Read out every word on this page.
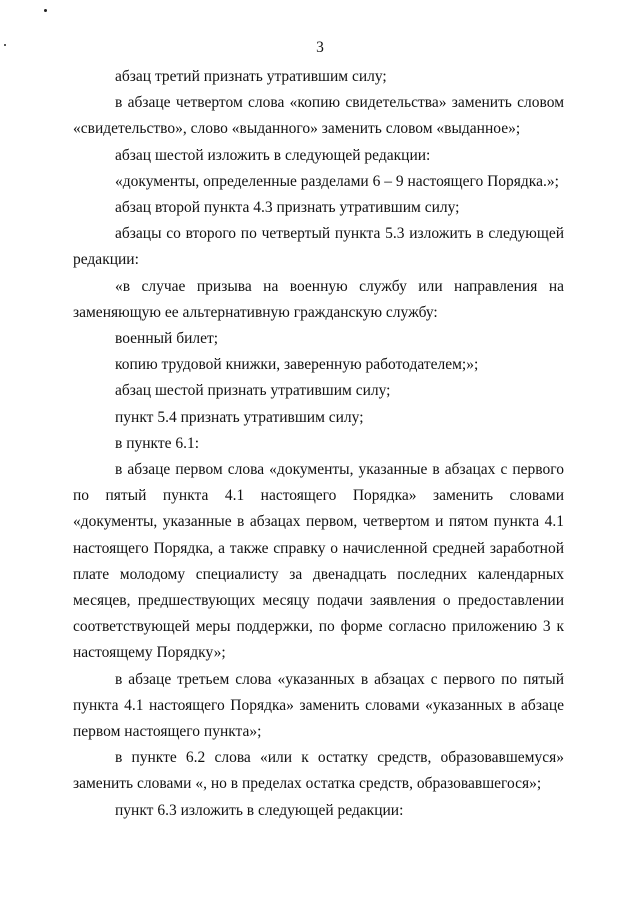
3

абзац третий признать утратившим силу;

в абзаце четвертом слова «копию свидетельства» заменить словом «свидетельство», слово «выданного» заменить словом «выданное»;

абзац шестой изложить в следующей редакции:

«документы, определенные разделами 6 – 9 настоящего Порядка.»;

абзац второй пункта 4.3 признать утратившим силу;

абзацы со второго по четвертый пункта 5.3 изложить в следующей редакции:

«в случае призыва на военную службу или направления на заменяющую ее альтернативную гражданскую службу:

военный билет;

копию трудовой книжки, заверенную работодателем;»;

абзац шестой признать утратившим силу;

пункт 5.4 признать утратившим силу;

в пункте 6.1:

в абзаце первом слова «документы, указанные в абзацах с первого по пятый пункта 4.1 настоящего Порядка» заменить словами «документы, указанные в абзацах первом, четвертом и пятом пункта 4.1 настоящего Порядка, а также справку о начисленной средней заработной плате молодому специалисту за двенадцать последних календарных месяцев, предшествующих месяцу подачи заявления о предоставлении соответствующей меры поддержки, по форме согласно приложению 3 к настоящему Порядку»;

в абзаце третьем слова «указанных в абзацах с первого по пятый пункта 4.1 настоящего Порядка» заменить словами «указанных в абзаце первом настоящего пункта»;

в пункте 6.2 слова «или к остатку средств, образовавшемуся» заменить словами «, но в пределах остатка средств, образовавшегося»;

пункт 6.3 изложить в следующей редакции:
